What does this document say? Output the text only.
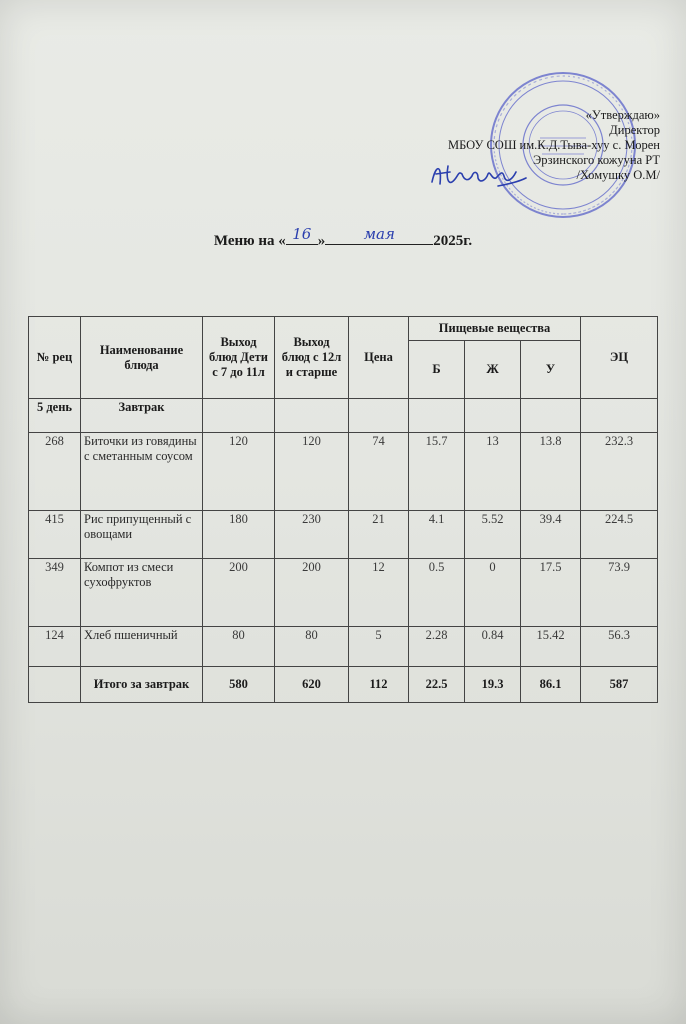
«Утверждаю»
Директор
МБОУ СОШ им.К.Д.Тыва-хуу с. Морен
Эрзинского кожууна РТ
/Хомушку О.М/
Меню на « 16 »	мая	2025г.
№ рец	Наименование блюда	Выход блюд Дети с 7 до 11л	Выход блюд с 12л и старше	Цена	Пищевые вещества			ЭЦ
					Б	Ж	У	
5 день	Завтрак							
268	Биточки из говядины с сметанным соусом	120	120	74	15.7	13	13.8	232.3
415	Рис припущенный с овощами	180	230	21	4.1	5.52	39.4	224.5
349	Компот из смеси сухофруктов	200	200	12	0.5	0	17.5	73.9
124	Хлеб пшеничный	80	80	5	2.28	0.84	15.42	56.3
	Итого за завтрак	580	620	112	22.5	19.3	86.1	587
